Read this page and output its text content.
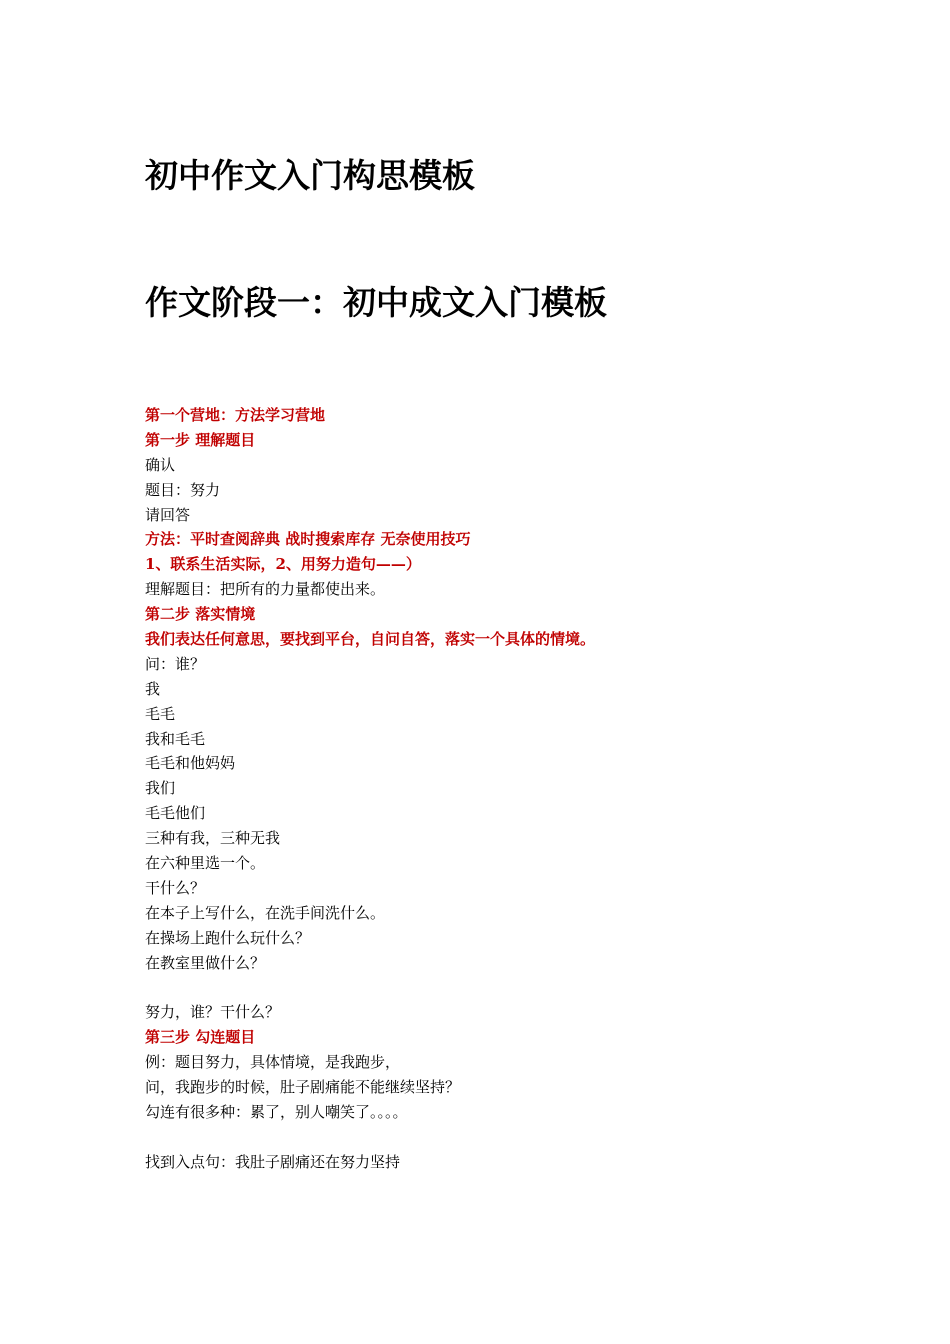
初中作文入门构思模板
作文阶段一：初中成文入门模板
第一个营地：方法学习营地
第一步 理解题目
确认
题目：努力
请回答
方法：平时查阅辞典 战时搜索库存 无奈使用技巧
1、联系生活实际，2、用努力造句——）
理解题目：把所有的力量都使出来。
第二步 落实情境
我们表达任何意思，要找到平台，自问自答，落实一个具体的情境。
问：谁？
我
毛毛
我和毛毛
毛毛和他妈妈
我们
毛毛他们
三种有我，三种无我
在六种里选一个。
干什么？
在本子上写什么，在洗手间洗什么。
在操场上跑什么玩什么？
在教室里做什么？
努力，谁？干什么？
第三步 勾连题目
例：题目努力，具体情境，是我跑步，
问，我跑步的时候，肚子剧痛能不能继续坚持？
勾连有很多种：累了，别人嘲笑了。。。。
找到入点句：我肚子剧痛还在努力坚持
